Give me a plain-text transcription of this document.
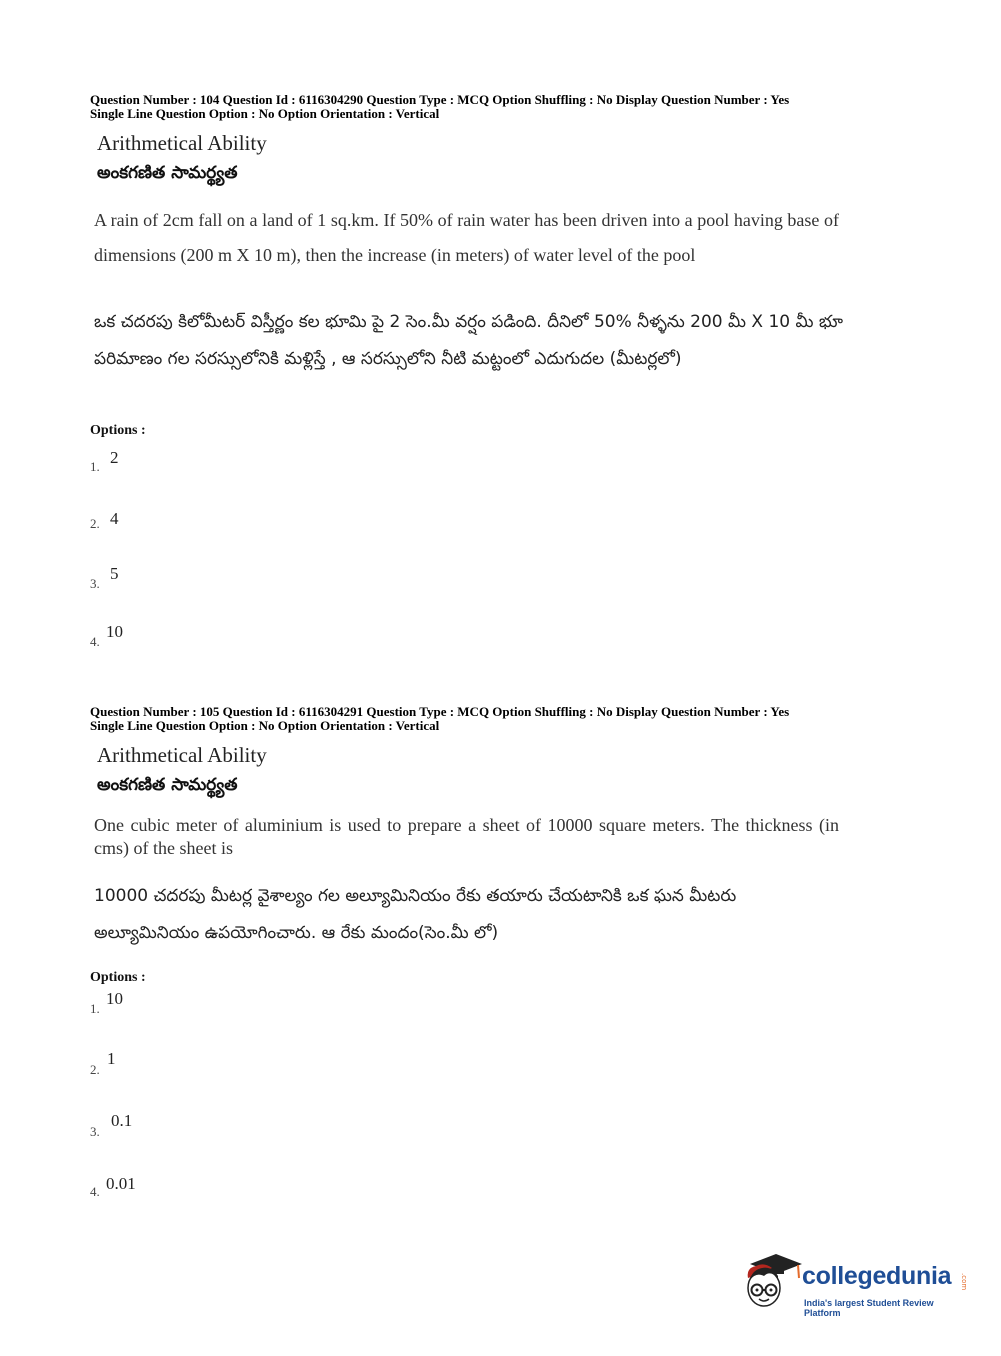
Question Number : 104 Question Id : 6116304290 Question Type : MCQ Option Shuffling : No Display Question Number : Yes
Single Line Question Option : No Option Orientation : Vertical
Arithmetical Ability
అంకగణిత సామర్థ్యత
A rain of 2cm fall on a land of 1 sq.km. If 50% of rain water has been driven into a pool having base of dimensions (200 m X 10 m), then the increase (in meters) of water level of the pool
ఒక చదరపు కిలోమీటర్ విస్తీర్ణం కల భూమి పై 2 సెం.మీ వర్షం పడింది. దీనిలో 50% నీళ్ళను 200 మీ X 10 మీ భూ పరిమాణం గల సరస్సులోనికి మళ్లిస్తే , ఆ సరస్సులోని నీటి మట్టంలో ఎదుగుదల (మీటర్లలో)
Options :
1. 2
2. 4
3.
5
4.
10
Question Number : 105 Question Id : 6116304291 Question Type : MCQ Option Shuffling : No Display Question Number : Yes
Single Line Question Option : No Option Orientation : Vertical
Arithmetical Ability
అంకగణిత సామర్థ్యత
One cubic meter of aluminium is used to prepare a sheet of 10000 square meters. The thickness (in cms) of the sheet is
10000 చదరపు మీటర్ల వైశాల్యం గల అల్యూమినియం రేకు తయారు చేయటానికి ఒక ఘన మీటరు అల్యూమినియం ఉపయోగించారు. ఆ రేకు మందం(సెం.మీ లో)
Options :
1.
10
2.
1
3.
0.1
4. 0.01
collegedunia .com
India's largest Student Review Platform
